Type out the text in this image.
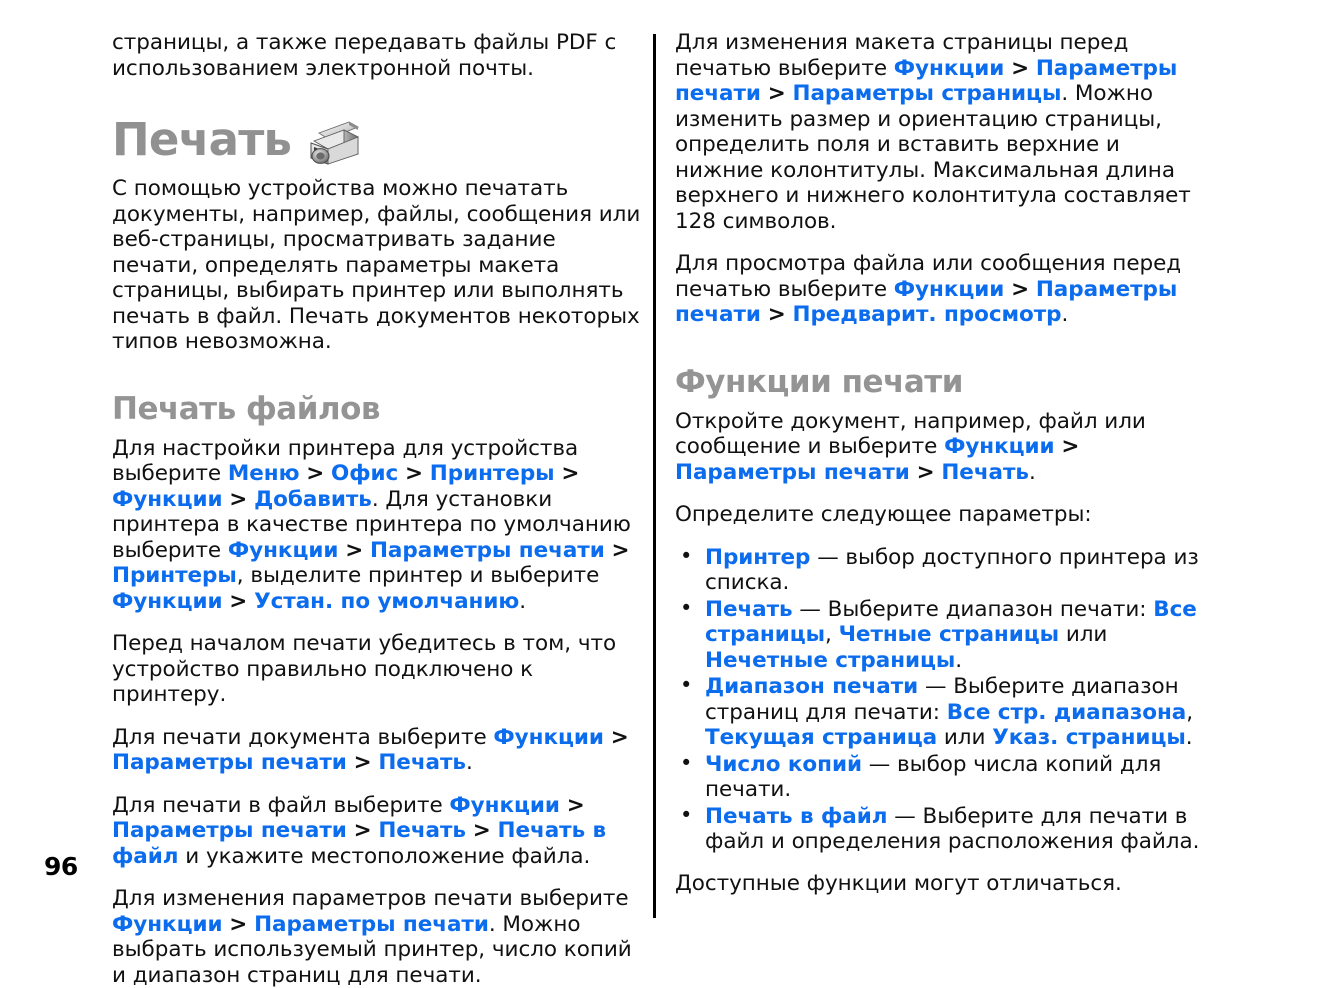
96

страницы, а также передавать файлы PDF с использованием электронной почты.

Печать

С помощью устройства можно печатать документы, например, файлы, сообщения или веб-страницы, просматривать задание печати, определять параметры макета страницы, выбирать принтер или выполнять печать в файл. Печать документов некоторых типов невозможна.

Печать файлов

Для настройки принтера для устройства выберите Меню > Офис > Принтеры > Функции > Добавить. Для установки принтера в качестве принтера по умолчанию выберите Функции > Параметры печати > Принтеры, выделите принтер и выберите Функции > Устан. по умолчанию.

Перед началом печати убедитесь в том, что устройство правильно подключено к принтеру.

Для печати документа выберите Функции > Параметры печати > Печать.

Для печати в файл выберите Функции > Параметры печати > Печать > Печать в файл и укажите местоположение файла.

Для изменения параметров печати выберите Функции > Параметры печати. Можно выбрать используемый принтер, число копий и диапазон страниц для печати.

Для изменения макета страницы перед печатью выберите Функции > Параметры печати > Параметры страницы. Можно изменить размер и ориентацию страницы, определить поля и вставить верхние и нижние колонтитулы. Максимальная длина верхнего и нижнего колонтитула составляет 128 символов.

Для просмотра файла или сообщения перед печатью выберите Функции > Параметры печати > Предварит. просмотр.

Функции печати

Откройте документ, например, файл или сообщение и выберите Функции > Параметры печати > Печать.

Определите следующее параметры:

• Принтер — выбор доступного принтера из списка.
• Печать — Выберите диапазон печати: Все страницы, Четные страницы или Нечетные страницы.
• Диапазон печати — Выберите диапазон страниц для печати: Все стр. диапазона, Текущая страница или Указ. страницы.
• Число копий — выбор числа копий для печати.
• Печать в файл — Выберите для печати в файл и определения расположения файла.

Доступные функции могут отличаться.
